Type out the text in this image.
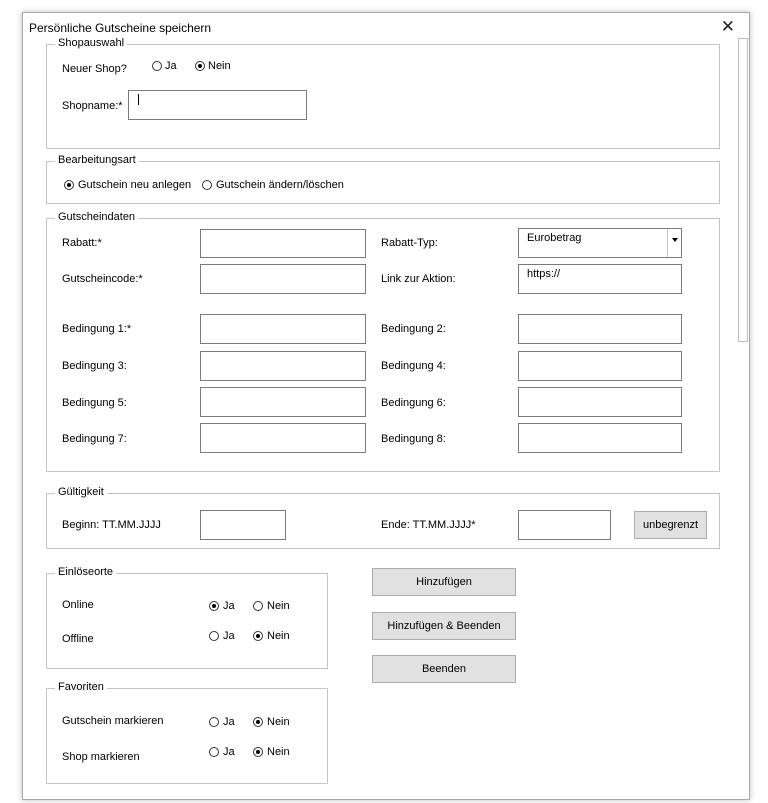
Persönliche Gutscheine speichern	✕
Shopauswahl
Neuer Shop?	Ja	Nein
Shopname:*
Bearbeitungsart
Gutschein neu anlegen Gutschein ändern/löschen
Gutscheindaten
Rabatt:*	Rabatt-Typ:	Eurobetrag
Gutscheincode:*	Link zur Aktion:	https://
Bedingung 1:*	Bedingung 2:
Bedingung 3:	Bedingung 4:
Bedingung 5:	Bedingung 6:
Bedingung 7:	Bedingung 8:
Gültigkeit
Beginn: TT.MM.JJJJ	Ende: TT.MM.JJJJ*	unbegrenzt
Einlöseorte
Online	Ja	Nein
Offline	Ja	Nein
Hinzufügen
Hinzufügen & Beenden
Beenden
Favoriten
Gutschein markieren	Ja	Nein
Shop markieren	Ja	Nein
